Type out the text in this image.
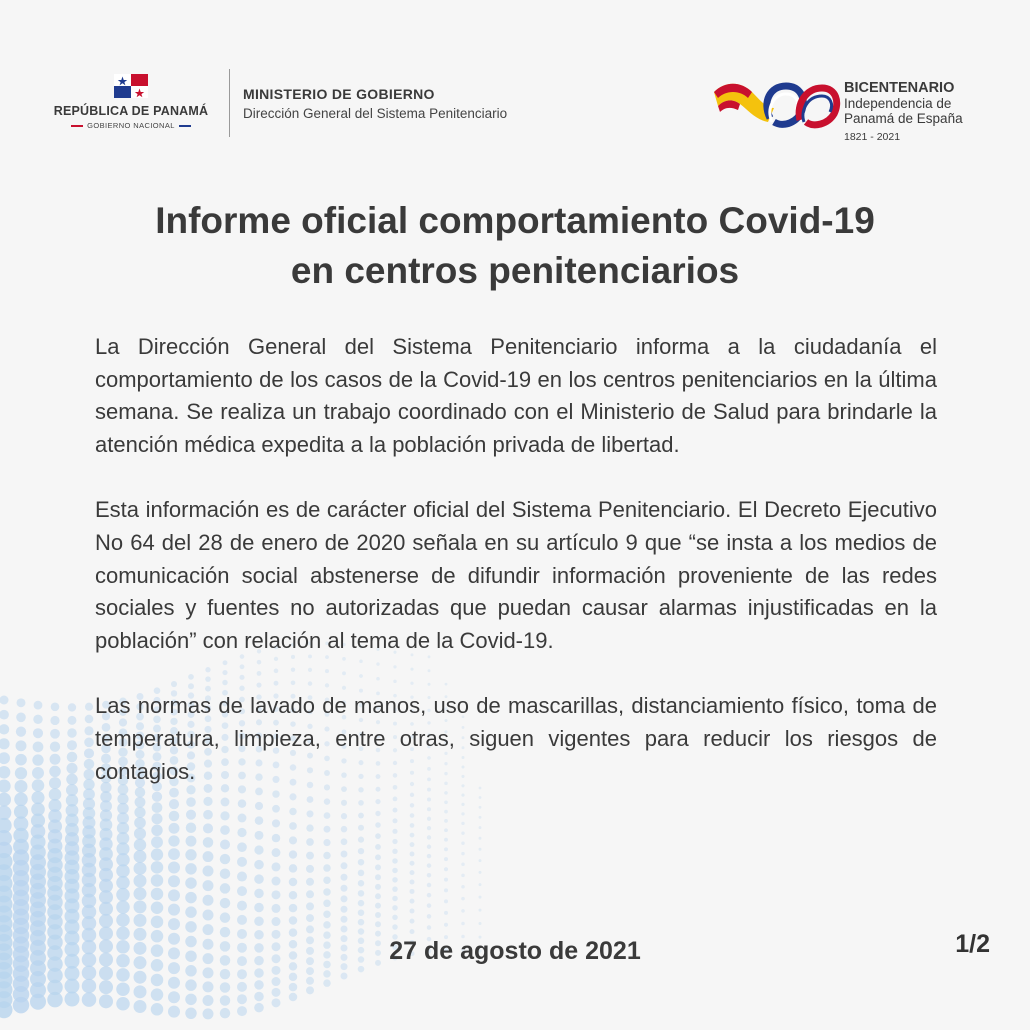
REPÚBLICA DE PANAMÁ
GOBIERNO NACIONAL
MINISTERIO DE GOBIERNO
Dirección General del Sistema Penitenciario
BICENTENARIO
Independencia de
Panamá de España
1821 - 2021
Informe oficial comportamiento Covid-19
en centros penitenciarios

La Dirección General del Sistema Penitenciario informa a la ciudadanía el comportamiento de los casos de la Covid-19 en los centros penitenciarios en la última semana. Se realiza un trabajo coordinado con el Ministerio de Salud para brindarle la atención médica expedita a la población privada de libertad.

Esta información es de carácter oficial del Sistema Penitenciario. El Decreto Ejecutivo No 64 del 28 de enero de 2020 señala en su artículo 9 que “se insta a los medios de comunicación social abstenerse de difundir información proveniente de las redes sociales y fuentes no autorizadas que puedan causar alarmas injustificadas en la población” con relación al tema de la Covid-19.

Las normas de lavado de manos, uso de mascarillas, distanciamiento físico, toma de temperatura, limpieza, entre otras, siguen vigentes para reducir los riesgos de contagios.

27 de agosto de 2021	1/2
